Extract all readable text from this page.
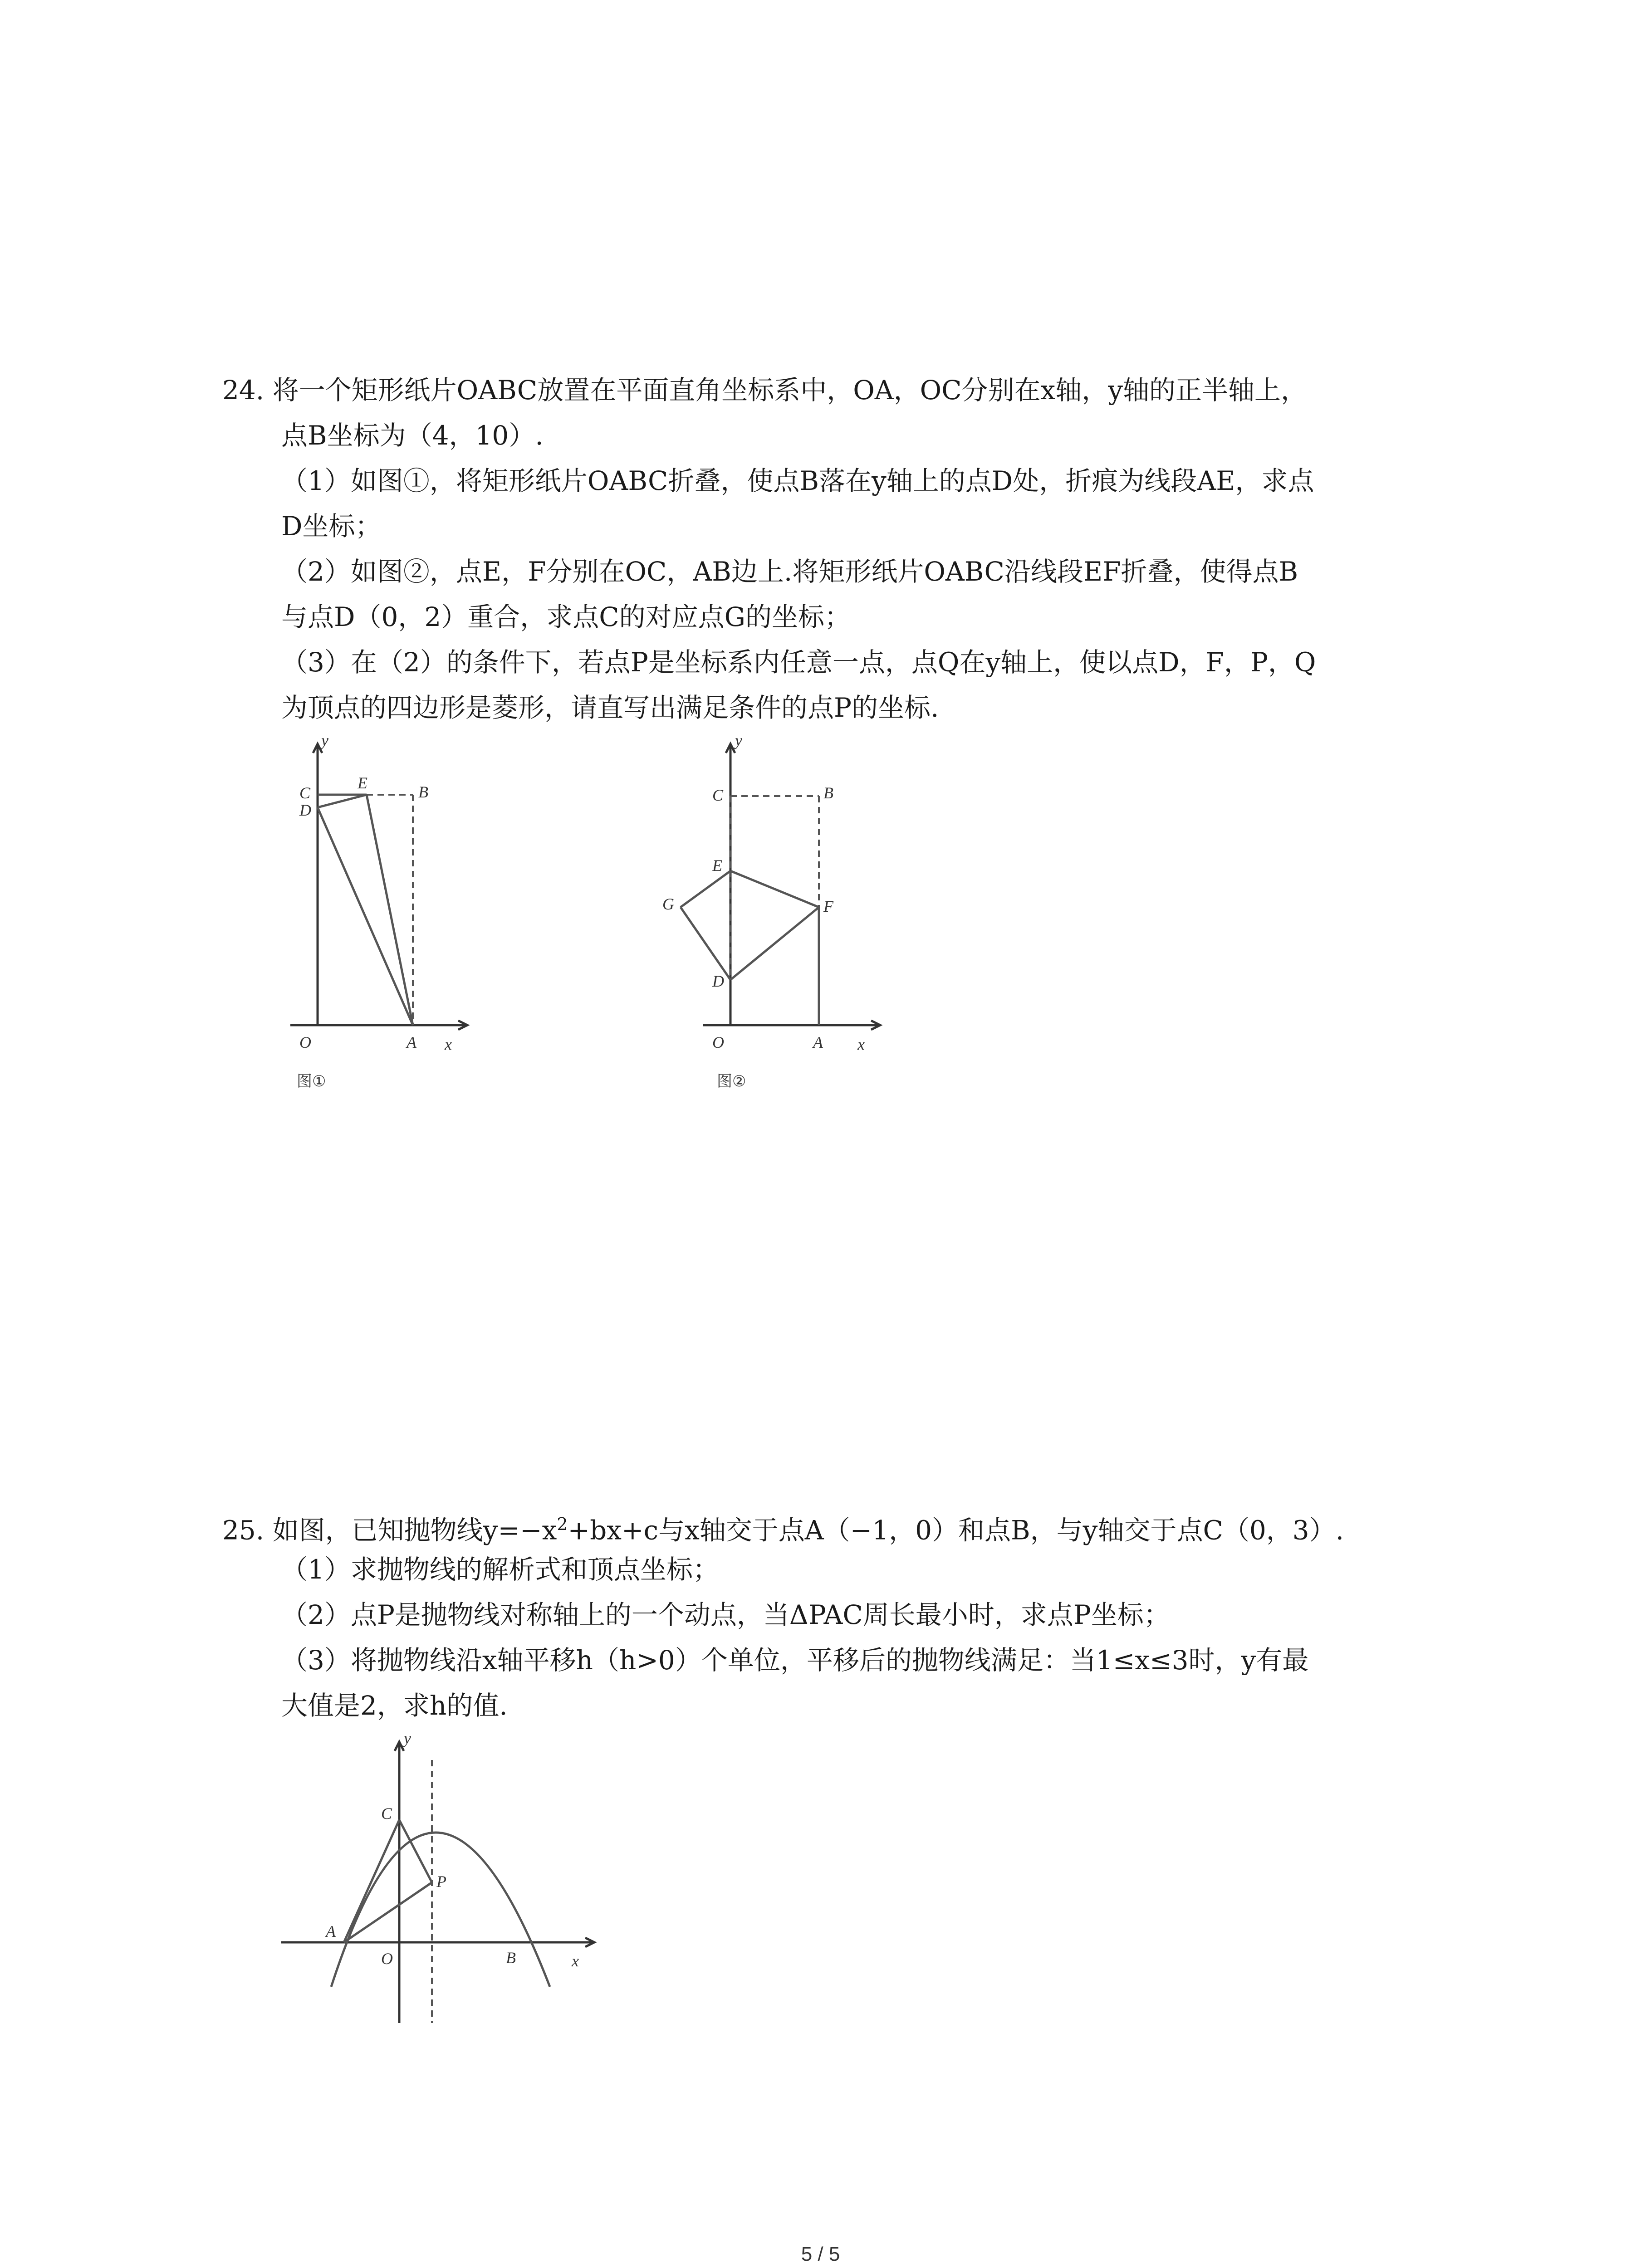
24. 将一个矩形纸片OABC放置在平面直角坐标系中，OA，OC分别在x轴，y轴的正半轴上，
点B坐标为（4，10）.
（1）如图①，将矩形纸片OABC折叠，使点B落在y轴上的点D处，折痕为线段AE，求点
D坐标；
（2）如图②，点E，F分别在OC，AB边上.将矩形纸片OABC沿线段EF折叠，使得点B
与点D（0，2）重合，求点C的对应点G的坐标；
（3）在（2）的条件下，若点P是坐标系内任意一点，点Q在y轴上，使以点D，F，P，Q
为顶点的四边形是菱形，请直写出满足条件的点P的坐标.
y
C
D
E	B
O	A x
图①
y
C	B
E
F
G
D
O	A x
图②
25. 如图，已知抛物线$y=-x^2+bx+c$与x轴交于点A（−1，0）和点B，与y轴交于点C（0，3）.
（1）求抛物线的解析式和顶点坐标；
（2）点P是抛物线对称轴上的一个动点，当ΔPAC周长最小时，求点P坐标；
（3）将抛物线沿x轴平移h（h>0）个单位，平移后的抛物线满足：当1≤x≤3时，y有最
大值是2，求h的值.
y
C
P
A
O	B	x
5 / 5
